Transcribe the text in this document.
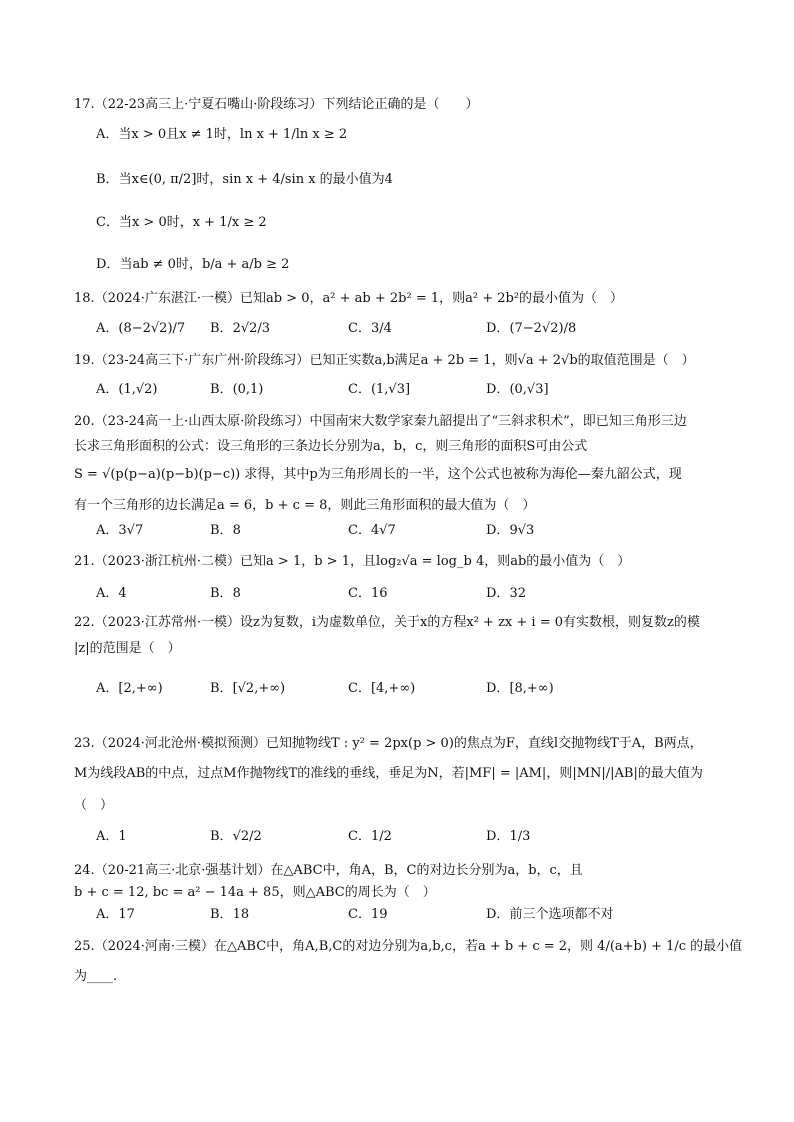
17.（22-23高三上·宁夏石嘴山·阶段练习）下列结论正确的是（　　）
A．当x > 0且x ≠ 1时，ln x + 1/ln x ≥ 2
B．当x∈(0, π/2]时，sin x + 4/sin x 的最小值为4
C．当x > 0时，x + 1/x ≥ 2
D．当ab ≠ 0时，b/a + a/b ≥ 2
18.（2024·广东湛江·一模）已知ab > 0，a² + ab + 2b² = 1，则a² + 2b²的最小值为（　）
A．(8−2√2)/7 B．2√2/3	C．3/4	D．(7−2√2)/8
19.（23-24高三下·广东广州·阶段练习）已知正实数a,b满足a + 2b = 1，则√a + 2√b的取值范围是（　）
A．(1,√2)	B．(0,1)	C．(1,√3]	D．(0,√3]
20.（23-24高一上·山西太原·阶段练习）中国南宋大数学家秦九韶提出了“三斜求积术”，即已知三角形三边
长求三角形面积的公式：设三角形的三条边长分别为a，b，c，则三角形的面积S可由公式
S = √(p(p−a)(p−b)(p−c)) 求得，其中p为三角形周长的一半，这个公式也被称为海伦—秦九韶公式，现
有一个三角形的边长满足a = 6，b + c = 8，则此三角形面积的最大值为（　）
A．3√7	B．8	C．4√7	D．9√3
21.（2023·浙江杭州·二模）已知a > 1，b > 1，且log₂√a = log_b 4，则ab的最小值为（　）
A．4	B．8	C．16	D．32
22.（2023·江苏常州·一模）设z为复数，i为虚数单位，关于x的方程x² + zx + i = 0有实数根，则复数z的模
|z|的范围是（　）
A．[2,+∞)	B．[√2,+∞)	C．[4,+∞)	D．[8,+∞)
23.（2024·河北沧州·模拟预测）已知抛物线T : y² = 2px(p > 0)的焦点为F，直线l交抛物线T于A，B两点，
M为线段AB的中点，过点M作抛物线T的准线的垂线，垂足为N，若|MF| = |AM|，则|MN|/|AB|的最大值为
（　）
A．1	B．√2/2	C．1/2	D．1/3
24.（20-21高三·北京·强基计划）在△ABC中，角A，B，C的对边长分别为a，b，c，且
b + c = 12, bc = a² − 14a + 85，则△ABC的周长为（　）
A．17	B．18	C．19	D．前三个选项都不对
25.（2024·河南·三模）在△ABC中，角A,B,C的对边分别为a,b,c，若a + b + c = 2，则 4/(a+b) + 1/c 的最小值
为____.
